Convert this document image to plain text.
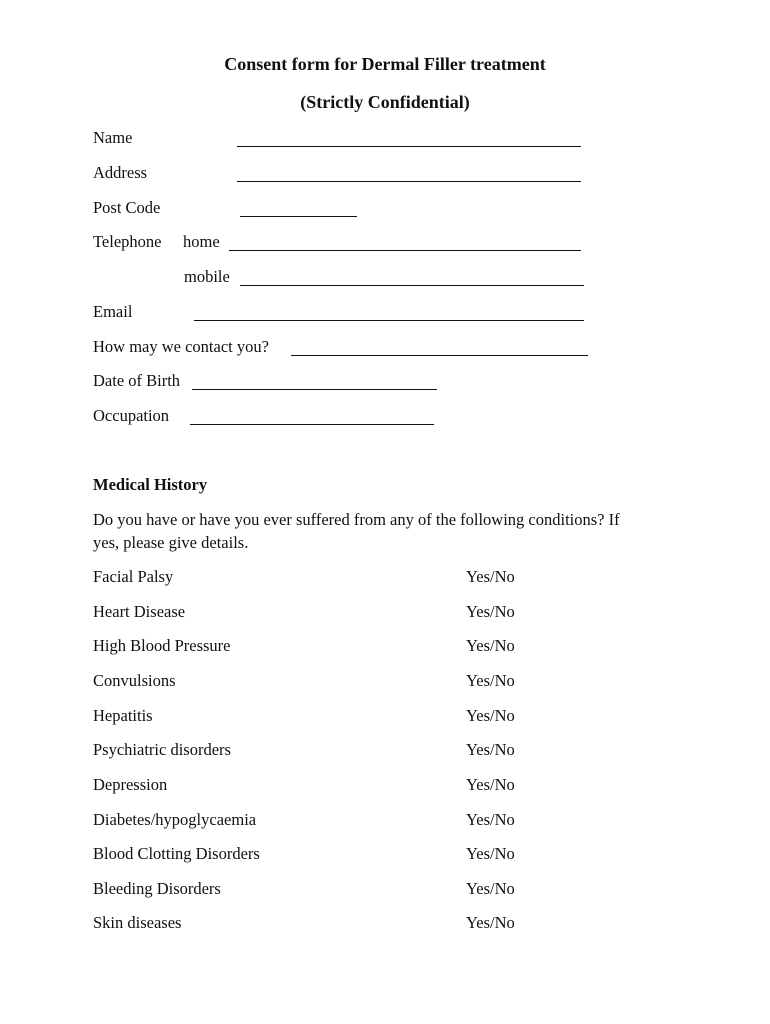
Consent form for Dermal Filler treatment
(Strictly Confidential)
Name
Address
Post Code
Telephone home
mobile
Email
How may we contact you?
Date of Birth
Occupation
Medical History
Do you have or have you ever suffered from any of the following conditions? If
yes, please give details.
Facial Palsy	Yes/No
Heart Disease	Yes/No
High Blood Pressure	Yes/No
Convulsions	Yes/No
Hepatitis	Yes/No
Psychiatric disorders	Yes/No
Depression	Yes/No
Diabetes/hypoglycaemia	Yes/No
Blood Clotting Disorders	Yes/No
Bleeding Disorders	Yes/No
Skin diseases	Yes/No
